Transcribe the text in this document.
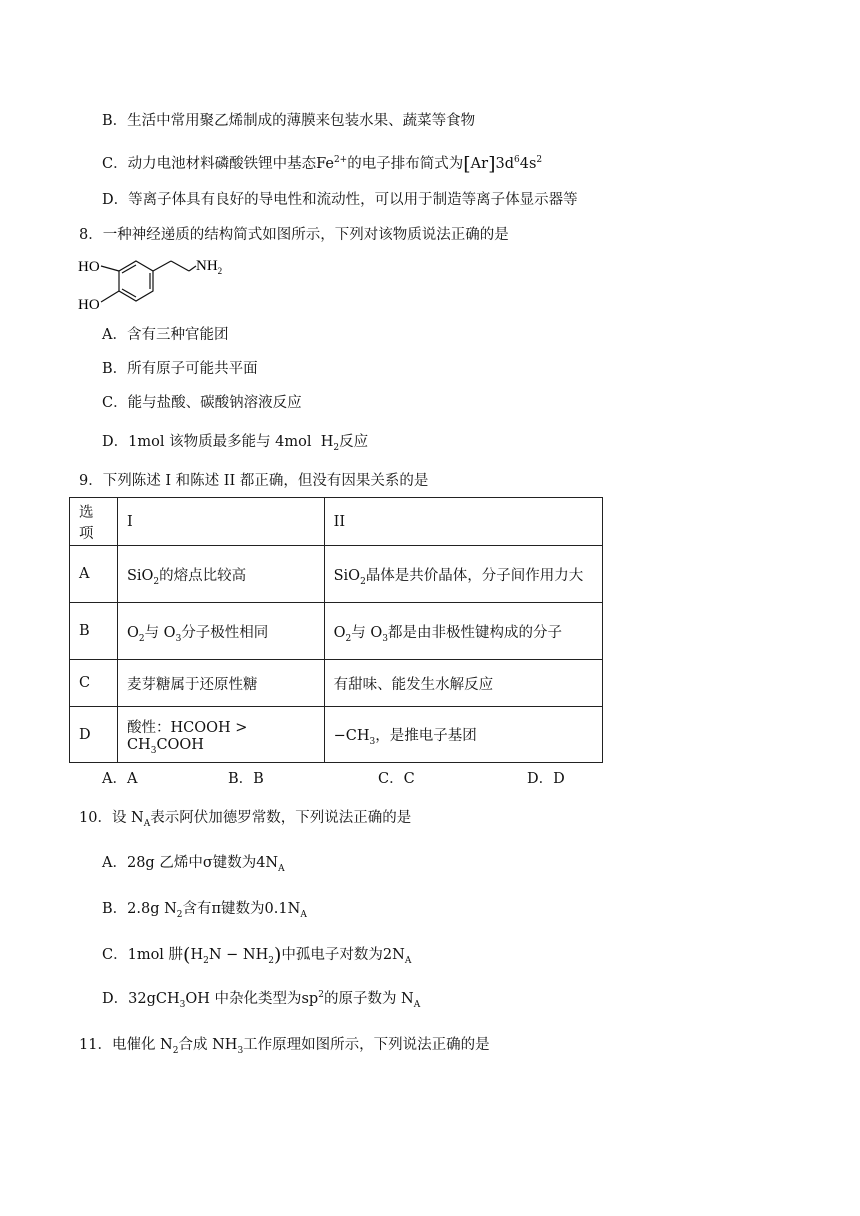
B．生活中常用聚乙烯制成的薄膜来包装水果、蔬菜等食物
C．动力电池材料磷酸铁锂中基态$Fe^{2+}$的电子排布简式为$[Ar]3d^64s^2$
D．等离子体具有良好的导电性和流动性，可以用于制造等离子体显示器等
8．一种神经递质的结构简式如图所示，下列对该物质说法正确的是
HO
HO
$NH_2$
A．含有三种官能团
B．所有原子可能共平面
C．能与盐酸、碳酸钠溶液反应
D．1mol 该物质最多能与 4mol $H_2$反应
9．下列陈述 I 和陈述 II 都正确，但没有因果关系的是
选项	I	II
A	SiO$_2$的熔点比较高	SiO$_2$晶体是共价晶体，分子间作用力大
B	$O_2$与 $O_3$分子极性相同	$O_2$与 $O_3$都是由非极性键构成的分子
C	麦芽糖属于还原性糖	有甜味、能发生水解反应
D	酸性：HCOOH > $CH_3COOH$	$-CH_3$，是推电子基团
A．A	B．B	C．C	D．D
10．设 $N_A$表示阿伏加德罗常数，下列说法正确的是
A．28g 乙烯中σ键数为$4N_A$
B．2.8g $N_2$含有π键数为$0.1N_A$
C．1mol 肼$(H_2N - NH_2)$中孤电子对数为$2N_A$
D．32gCH$_3$OH 中杂化类型为$sp^2$的原子数为 $N_A$
11．电催化 $N_2$合成 $NH_3$工作原理如图所示，下列说法正确的是
